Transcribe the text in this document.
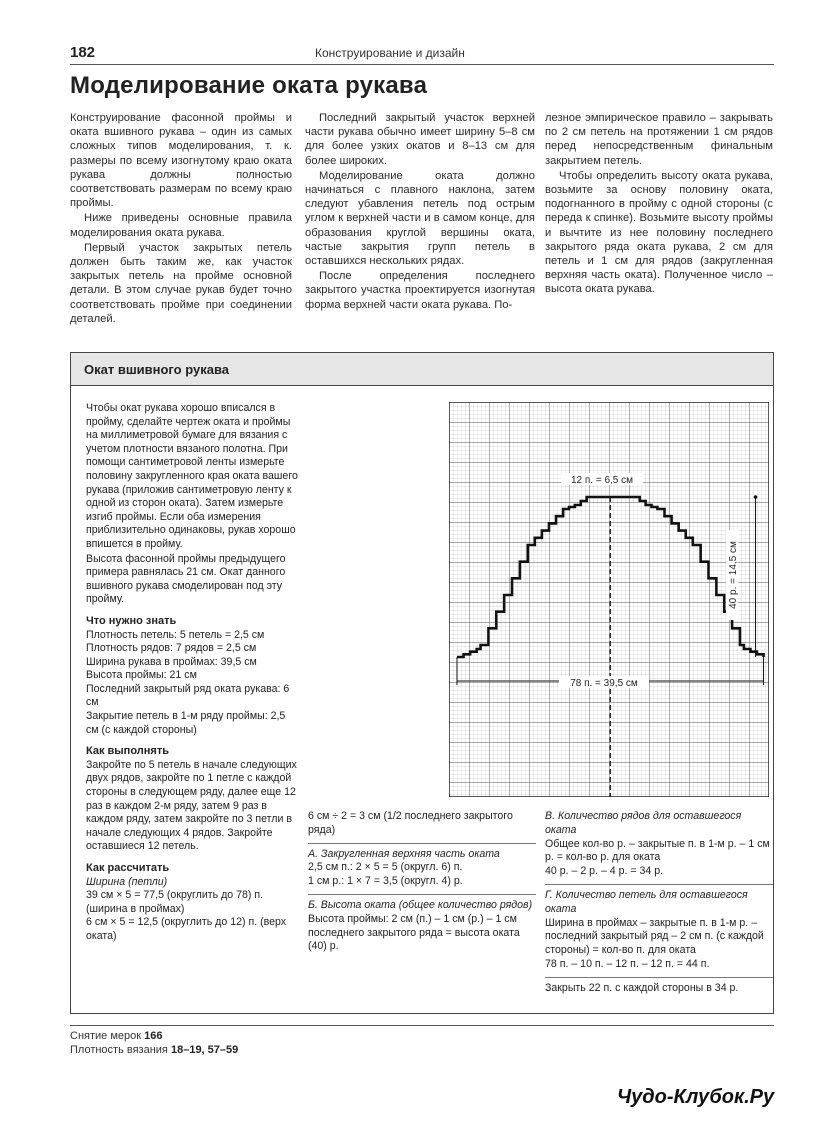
182	Конструирование и дизайн
Моделирование оката рукава

Конструирование фасонной проймы и оката вшивного рукава – один из самых сложных типов моделирования, т. к. размеры по всему изогнутому краю оката рукава должны полностью соответствовать размерам по всему краю проймы.

Ниже приведены основные правила моделирования оката рукава.

Первый участок закрытых петель должен быть таким же, как участок закрытых петель на пройме основной детали. В этом случае рукав будет точно соответствовать пройме при соединении деталей.

Последний закрытый участок верхней части рукава обычно имеет ширину 5–8 см для более узких окатов и 8–13 см для более широких.

Моделирование оката должно начинаться с плавного наклона, затем следуют убавления петель под острым углом к верхней части и в самом конце, для образования круглой вершины оката, частые закрытия групп петель в оставшихся нескольких рядах.

После определения последнего закрытого участка проектируется изогнутая форма верхней части оката рукава. По-

лезное эмпирическое правило – закрывать по 2 см петель на протяжении 1 см рядов перед непосредственным финальным закрытием петель.

Чтобы определить высоту оката рукава, возьмите за основу половину оката, подогнанного в пройму с одной стороны (с переда к спинке). Возьмите высоту проймы и вычтите из нее половину последнего закрытого ряда оката рукава, 2 см для петель и 1 см для рядов (закругленная верхняя часть оката). Полученное число – высота оката рукава.

Окат вшивного рукава

Чтобы окат рукава хорошо вписался в пройму, сделайте чертеж оката и проймы на миллиметровой бумаге для вязания с учетом плотности вязаного полотна. При помощи сантиметровой ленты измерьте половину закругленного края оката вашего рукава (приложив сантиметровую ленту к одной из сторон оката). Затем измерьте изгиб проймы. Если оба измерения приблизительно одинаковы, рукав хорошо впишется в пройму.

Высота фасонной проймы предыдущего примера равнялась 21 см. Окат данного вшивного рукава смоделирован под эту пройму.

Что нужно знать
Плотность петель: 5 петель = 2,5 см
Плотность рядов: 7 рядов = 2,5 см
Ширина рукава в проймах: 39,5 см
Высота проймы: 21 см
Последний закрытый ряд оката рукава: 6 см
Закрытие петель в 1-м ряду проймы: 2,5 см (с каждой стороны)
Как выполнять
Закройте по 5 петель в начале следующих двух рядов, закройте по 1 петле с каждой стороны в следующем ряду, далее еще 12 раз в каждом 2-м ряду, затем 9 раз в каждом ряду, затем закройте по 3 петли в начале следующих 4 рядов. Закройте оставшиеся 12 петель.
Как рассчитать
Ширина (петли)
39 см × 5 = 77,5 (округлить до 78) п. (ширина в проймах)
6 см × 5 = 12,5 (округлить до 12) п. (верх оката)
12 п. = 6,5 см
78 п. = 39,5 см
40 р. = 14,5 см
6 см ÷ 2 = 3 см (1/2 последнего закрытого ряда)
А. Закругленная верхняя часть оката
2,5 см п.: 2 × 5 = 5 (округл. 6) п.
1 см р.: 1 × 7 = 3,5 (округл. 4) р.
Б. Высота оката (общее количество рядов)
Высота проймы: 2 см (п.) – 1 см (р.) – 1 см последнего закрытого ряда = высота оката (40) р.
В. Количество рядов для оставшегося оката
Общее кол-во р. – закрытые п. в 1-м р. – 1 см р. = кол-во р. для оката
40 р. – 2 р. – 4 р. = 34 р.
Г. Количество петель для оставшегося оката
Ширина в проймах – закрытые п. в 1-м р. – последний закрытый ряд – 2 см п. (с каждой стороны) = кол-во п. для оката
78 п. – 10 п. – 12 п. – 12 п. = 44 п.
Закрыть 22 п. с каждой стороны в 34 р.
Снятие мерок 166
Плотность вязания 18–19, 57–59
Чудо-Клубок.Ру
